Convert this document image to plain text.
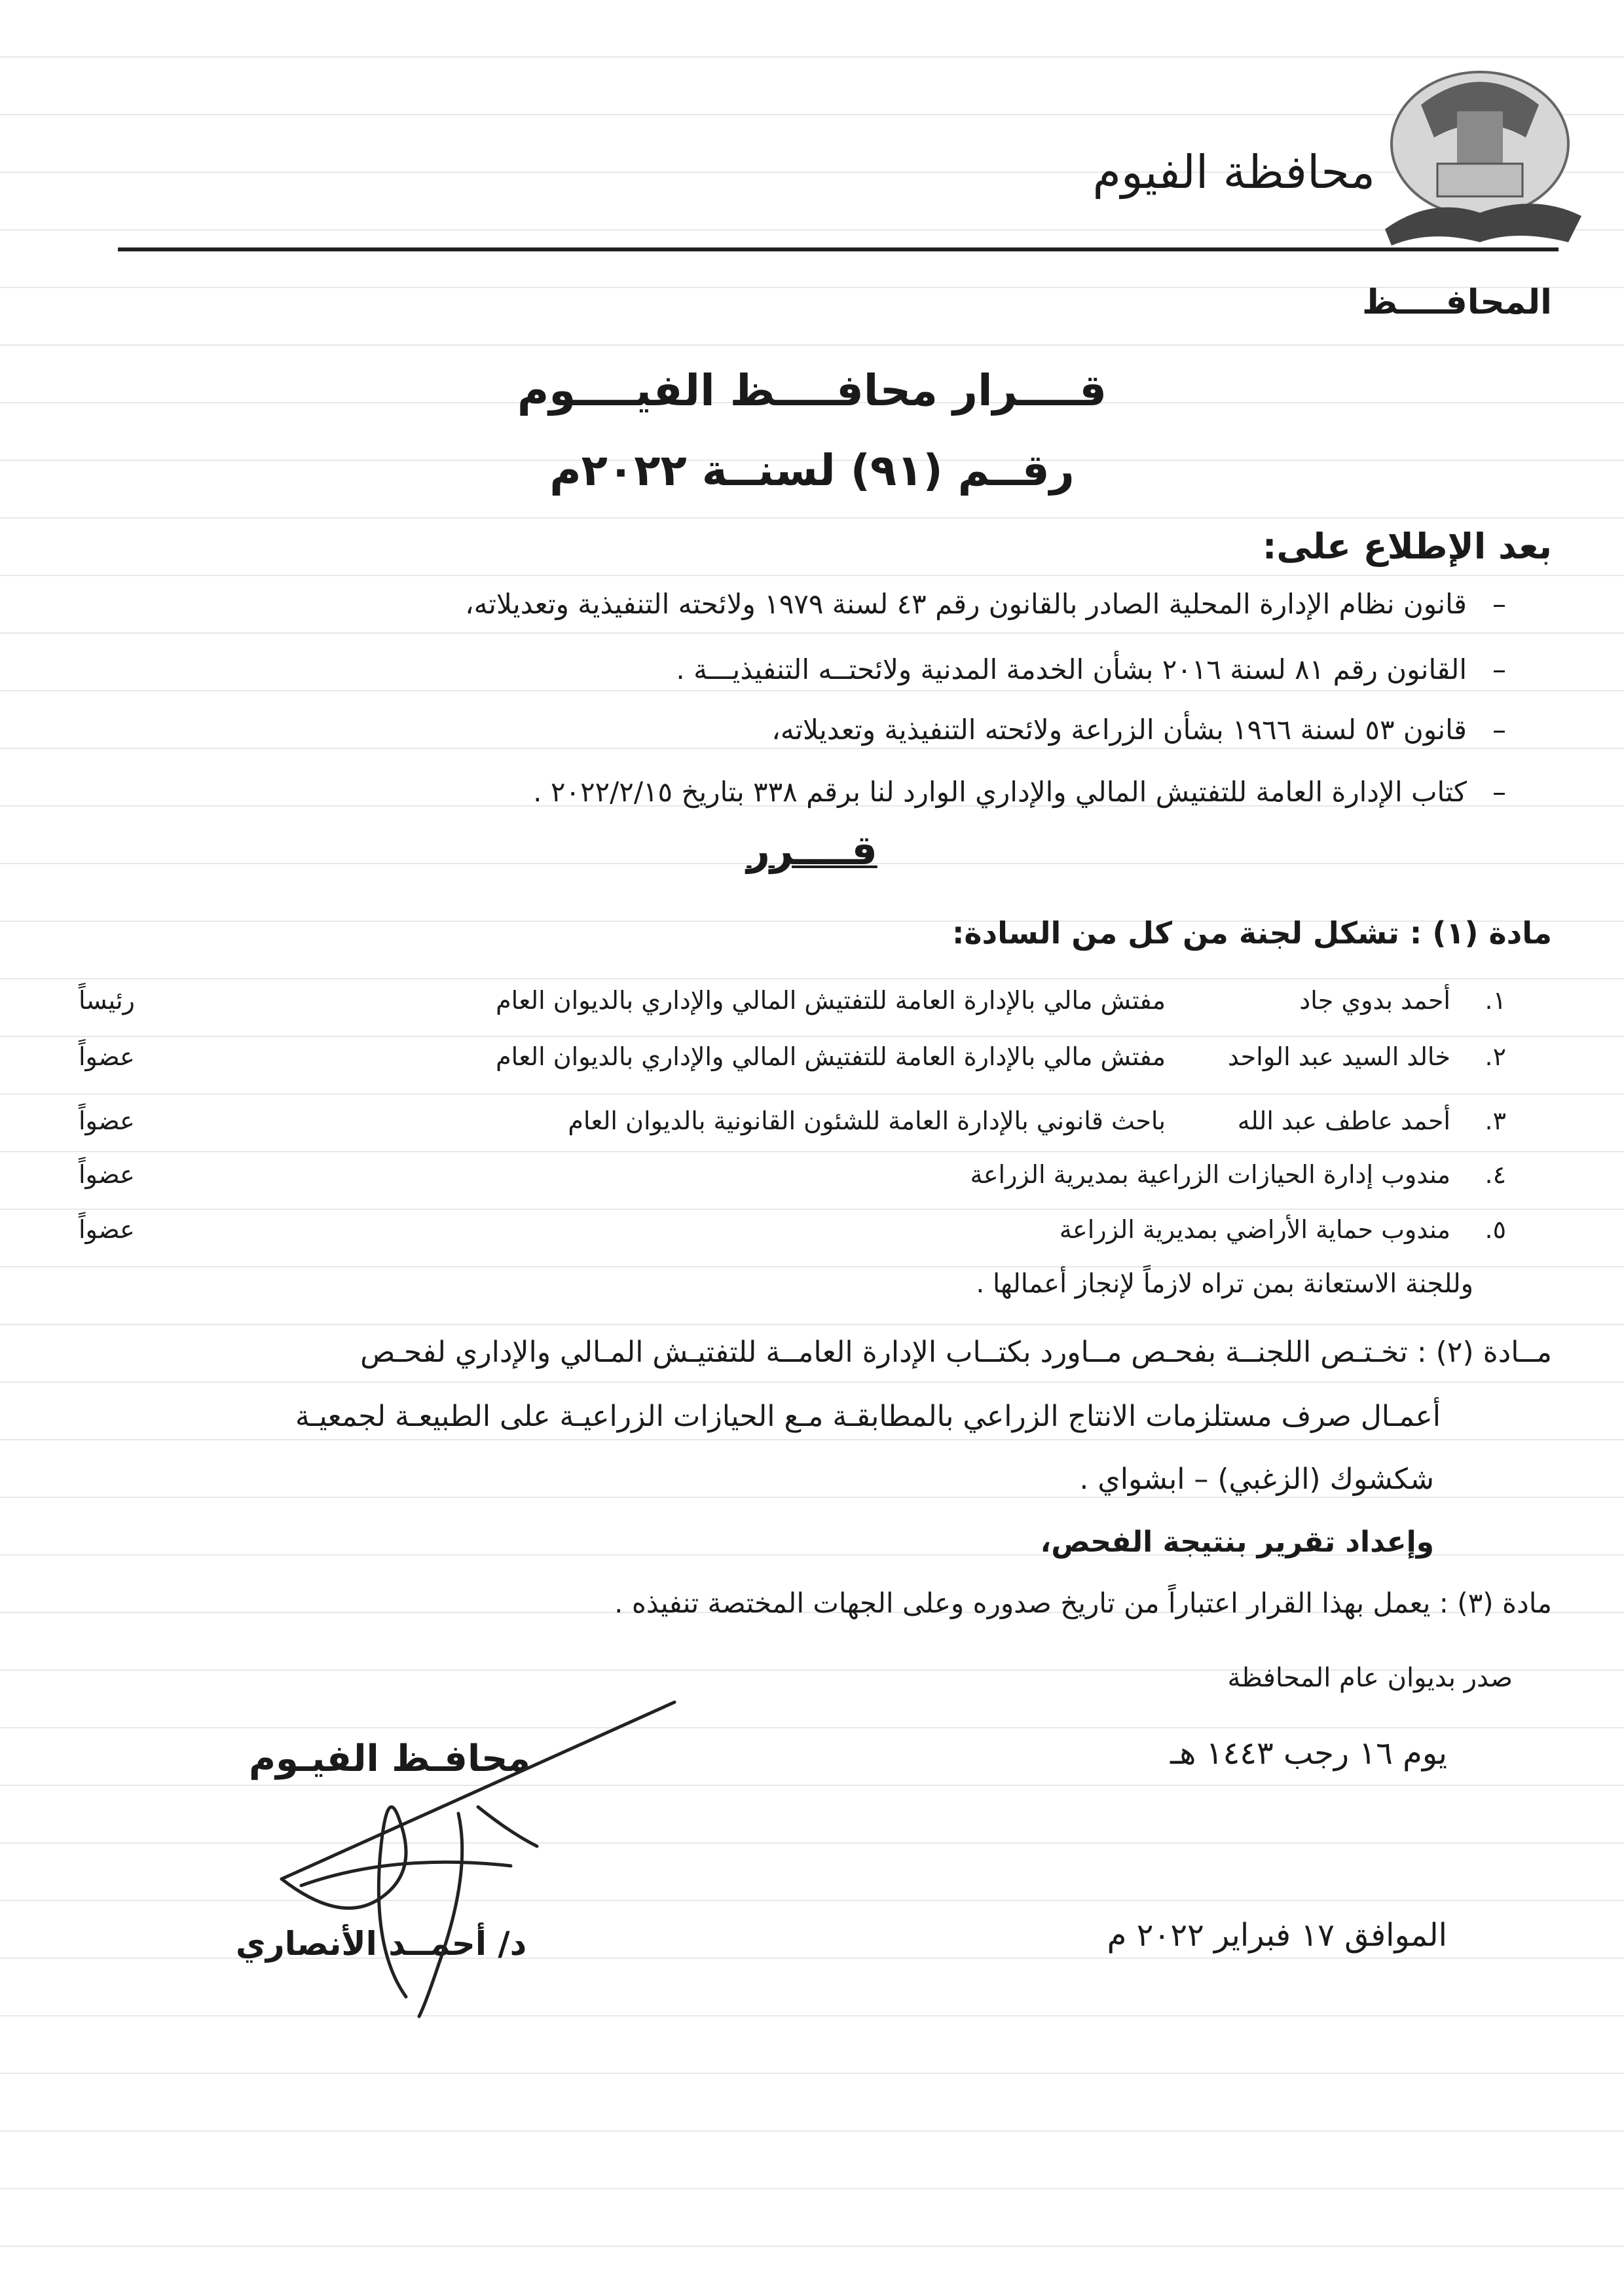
محافظة الفيوم
المحافــــظ
قــــرار محافــــظ الفيــــوم
رقــم (٩١) لسنــة ٢٠٢٢م
بعد الإطلاع على:
–قانون نظام الإدارة المحلية الصادر بالقانون رقم ٤٣ لسنة ١٩٧٩ ولائحته التنفيذية وتعديلاته،
–القانون رقم ٨١ لسنة ٢٠١٦ بشأن الخدمة المدنية ولائحتــه التنفيذيـــة .
–قانون ٥٣ لسنة ١٩٦٦ بشأن الزراعة ولائحته التنفيذية وتعديلاته،
–كتاب الإدارة العامة للتفتيش المالي والإداري الوارد لنا برقم ٣٣٨ بتاريخ ٢٠٢٢/٢/١٥ .
قــــرر
مادة (١) : تشكل لجنة من كل من السادة:
١.
أحمد بدوي جاد
مفتش مالي بالإدارة العامة للتفتيش المالي والإداري بالديوان العام
رئيساً
٢.
خالد السيد عبد الواحد
مفتش مالي بالإدارة العامة للتفتيش المالي والإداري بالديوان العام
عضواً
٣.
أحمد عاطف عبد الله
باحث قانوني بالإدارة العامة للشئون القانونية بالديوان العام
عضواً
٤.
مندوب إدارة الحيازات الزراعية بمديرية الزراعة
عضواً
٥.
مندوب حماية الأراضي بمديرية الزراعة
عضواً
وللجنة الاستعانة بمن تراه لازماً لإنجاز أعمالها .
مــادة (٢) : تخـتـص اللجنــة بفحـص مــاورد بكتــاب الإدارة العامــة للتفتيـش المـالي والإداري لفحـص
أعمـال صرف مستلزمات الانتاج الزراعي بالمطابقـة مـع الحيازات الزراعيـة على الطبيعـة لجمعيـة
شكشوك (الزغبي) – ابشواي .
وإعداد تقرير بنتيجة الفحص،
مادة (٣) : يعمل بهذا القرار اعتباراً من تاريخ صدوره وعلى الجهات المختصة تنفيذه .
صدر بديوان عام المحافظة
يوم ١٦ رجب ١٤٤٣ هـ
الموافق ١٧ فبراير ٢٠٢٢ م
محافـظ الفيـوم
د/ أحمــد الأنصاري
